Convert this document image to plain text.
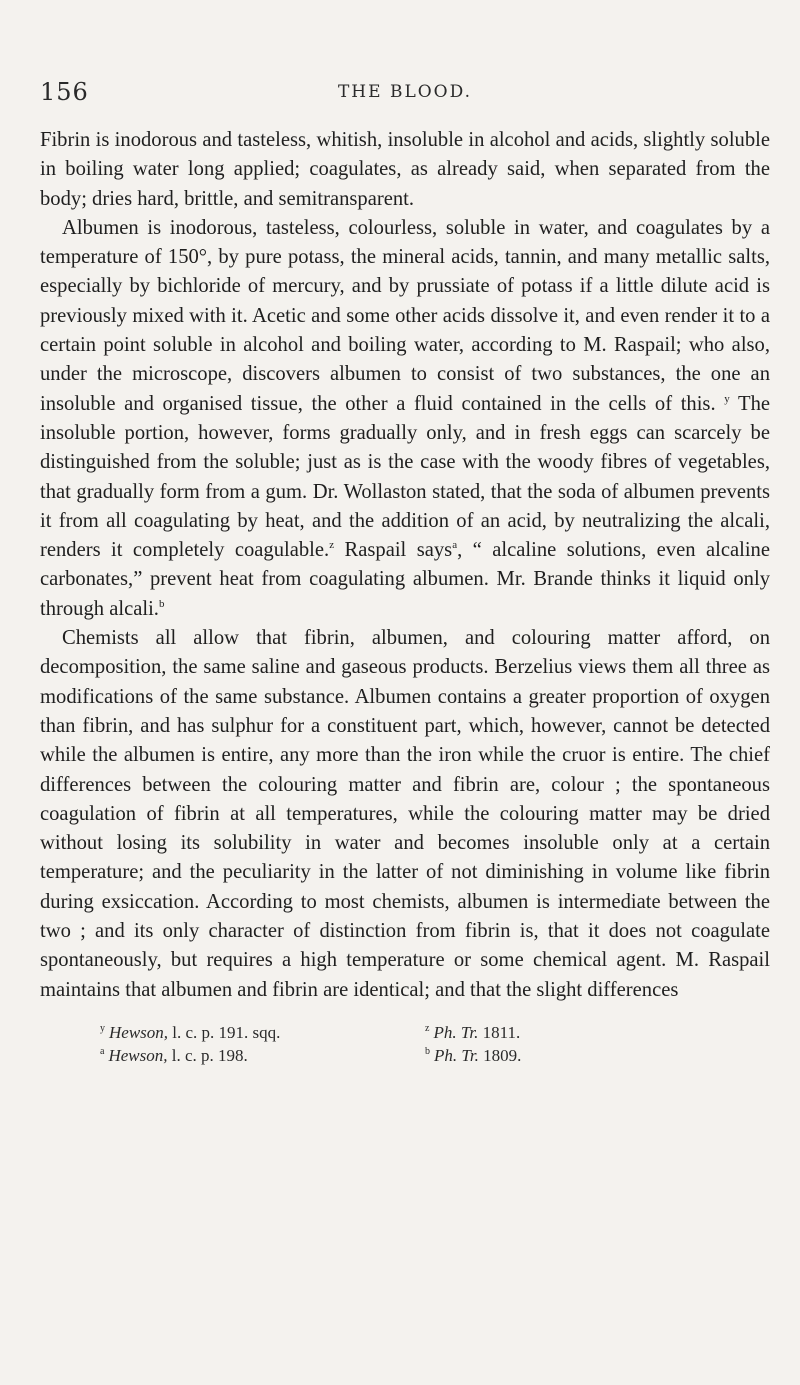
156	THE BLOOD.

Fibrin is inodorous and tasteless, whitish, insoluble in alcohol and acids, slightly soluble in boiling water long applied; coagulates, as already said, when separated from the body; dries hard, brittle, and semitransparent.

Albumen is inodorous, tasteless, colourless, soluble in water, and coagulates by a temperature of 150°, by pure potass, the mineral acids, tannin, and many metallic salts, especially by bichloride of mercury, and by prussiate of potass if a little dilute acid is previously mixed with it. Acetic and some other acids dissolve it, and even render it to a certain point soluble in alcohol and boiling water, according to M. Raspail; who also, under the microscope, discovers albumen to consist of two substances, the one an insoluble and organised tissue, the other a fluid contained in the cells of this. $^y$ The insoluble portion, however, forms gradually only, and in fresh eggs can scarcely be distinguished from the soluble; just as is the case with the woody fibres of vegetables, that gradually form from a gum. Dr. Wollaston stated, that the soda of albumen prevents it from all coagulating by heat, and the addition of an acid, by neutralizing the alcali, renders it completely coagulable.$^z$ Raspail says$^a$, “ alcaline solutions, even alcaline carbonates,” prevent heat from coagulating albumen. Mr. Brande thinks it liquid only through alcali.$^b$

Chemists all allow that fibrin, albumen, and colouring matter afford, on decomposition, the same saline and gaseous products. Berzelius views them all three as modifications of the same substance. Albumen contains a greater proportion of oxygen than fibrin, and has sulphur for a constituent part, which, however, cannot be detected while the albumen is entire, any more than the iron while the cruor is entire. The chief differences between the colouring matter and fibrin are, colour ; the spontaneous coagulation of fibrin at all temperatures, while the colouring matter may be dried without losing its solubility in water and becomes insoluble only at a certain temperature; and the peculiarity in the latter of not diminishing in volume like fibrin during exsiccation. According to most chemists, albumen is intermediate between the two ; and its only character of distinction from fibrin is, that it does not coagulate spontaneously, but requires a high temperature or some chemical agent. M. Raspail maintains that albumen and fibrin are identical; and that the slight differences

$^y$ Hewson, l. c. p. 191. sqq.	$^z$ Ph. Tr. 1811.
$^a$ Hewson, l. c. p. 198.	$^b$ Ph. Tr. 1809.
